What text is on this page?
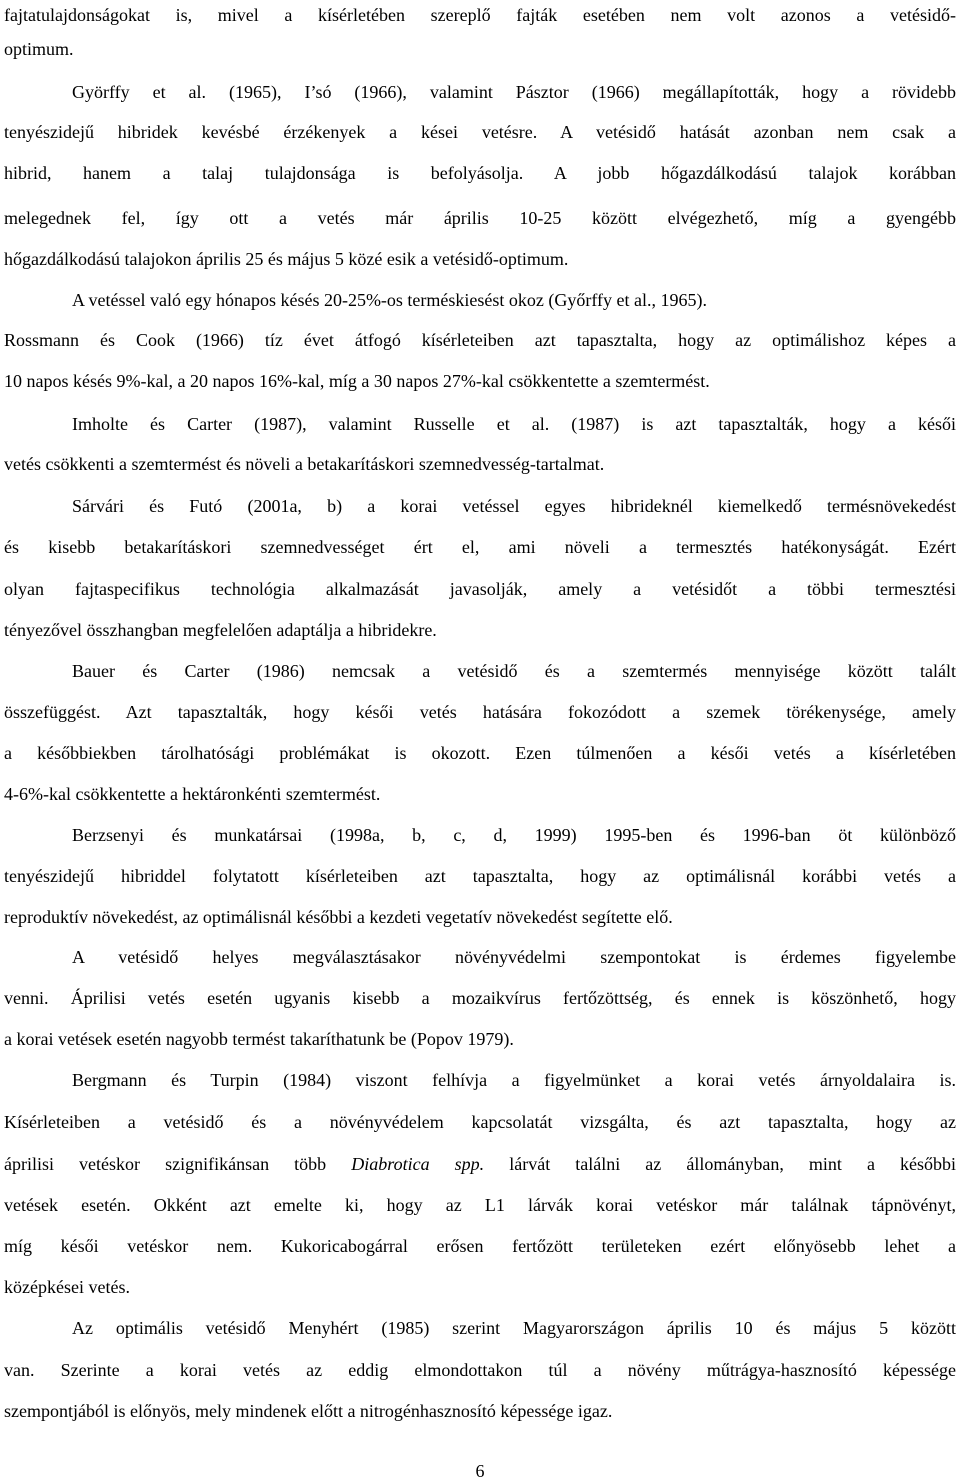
fajtatulajdonságokat is, mivel a kísérletében szereplő fajták esetében nem volt azonos a vetésidő-
optimum.
Györffy et al. (1965), I’só (1966), valamint Pásztor (1966) megállapították, hogy a rövidebb
tenyészidejű hibridek kevésbé érzékenyek a kései vetésre. A vetésidő hatását azonban nem csak a
hibrid, hanem a talaj tulajdonsága is befolyásolja. A jobb hőgazdálkodású talajok korábban
melegednek fel, így ott a vetés már április 10-25 között elvégezhető, míg a gyengébb
hőgazdálkodású talajokon április 25 és május 5 közé esik a vetésidő-optimum.
A vetéssel való egy hónapos késés 20-25%-os terméskiesést okoz (Győrffy et al., 1965).
Rossmann és Cook (1966) tíz évet átfogó kísérleteiben azt tapasztalta, hogy az optimálishoz képes a
10 napos késés 9%-kal, a 20 napos 16%-kal, míg a 30 napos 27%-kal csökkentette a szemtermést.
Imholte és Carter (1987), valamint Russelle et al. (1987) is azt tapasztalták, hogy a késői
vetés csökkenti a szemtermést és növeli a betakarításkori szemnedvesség-tartalmat.
Sárvári és Futó (2001a, b) a korai vetéssel egyes hibrideknél kiemelkedő termésnövekedést
és kisebb betakarításkori szemnedvességet ért el, ami növeli a termesztés hatékonyságát. Ezért
olyan fajtaspecifikus technológia alkalmazását javasolják, amely a vetésidőt a többi termesztési
tényezővel összhangban megfelelően adaptálja a hibridekre.
Bauer és Carter (1986) nemcsak a vetésidő és a szemtermés mennyisége között talált
összefüggést. Azt tapasztalták, hogy késői vetés hatására fokozódott a szemek törékenysége, amely
a későbbiekben tárolhatósági problémákat is okozott. Ezen túlmenően a késői vetés a kísérletében
4-6%-kal csökkentette a hektáronkénti szemtermést.
Berzsenyi és munkatársai (1998a, b, c, d, 1999) 1995-ben és 1996-ban öt különböző
tenyészidejű hibriddel folytatott kísérleteiben azt tapasztalta, hogy az optimálisnál korábbi vetés a
reproduktív növekedést, az optimálisnál későbbi a kezdeti vegetatív növekedést segítette elő.
A vetésidő helyes megválasztásakor növényvédelmi szempontokat is érdemes figyelembe
venni. Áprilisi vetés esetén ugyanis kisebb a mozaikvírus fertőzöttség, és ennek is köszönhető, hogy
a korai vetések esetén nagyobb termést takaríthatunk be (Popov 1979).
Bergmann és Turpin (1984) viszont felhívja a figyelmünket a korai vetés árnyoldalaira is.
Kísérleteiben a vetésidő és a növényvédelem kapcsolatát vizsgálta, és azt tapasztalta, hogy az
áprilisi vetéskor szignifikánsan több Diabrotica spp. lárvát találni az állományban, mint a későbbi
vetések esetén. Okként azt emelte ki, hogy az L1 lárvák korai vetéskor már találnak tápnövényt,
míg késői vetéskor nem. Kukoricabogárral erősen fertőzött területeken ezért előnyösebb lehet a
középkései vetés.
Az optimális vetésidő Menyhért (1985) szerint Magyarországon április 10 és május 5 között
van. Szerinte a korai vetés az eddig elmondottakon túl a növény műtrágya-hasznosító képessége
szempontjából is előnyös, mely mindenek előtt a nitrogénhasznosító képessége igaz.
6
